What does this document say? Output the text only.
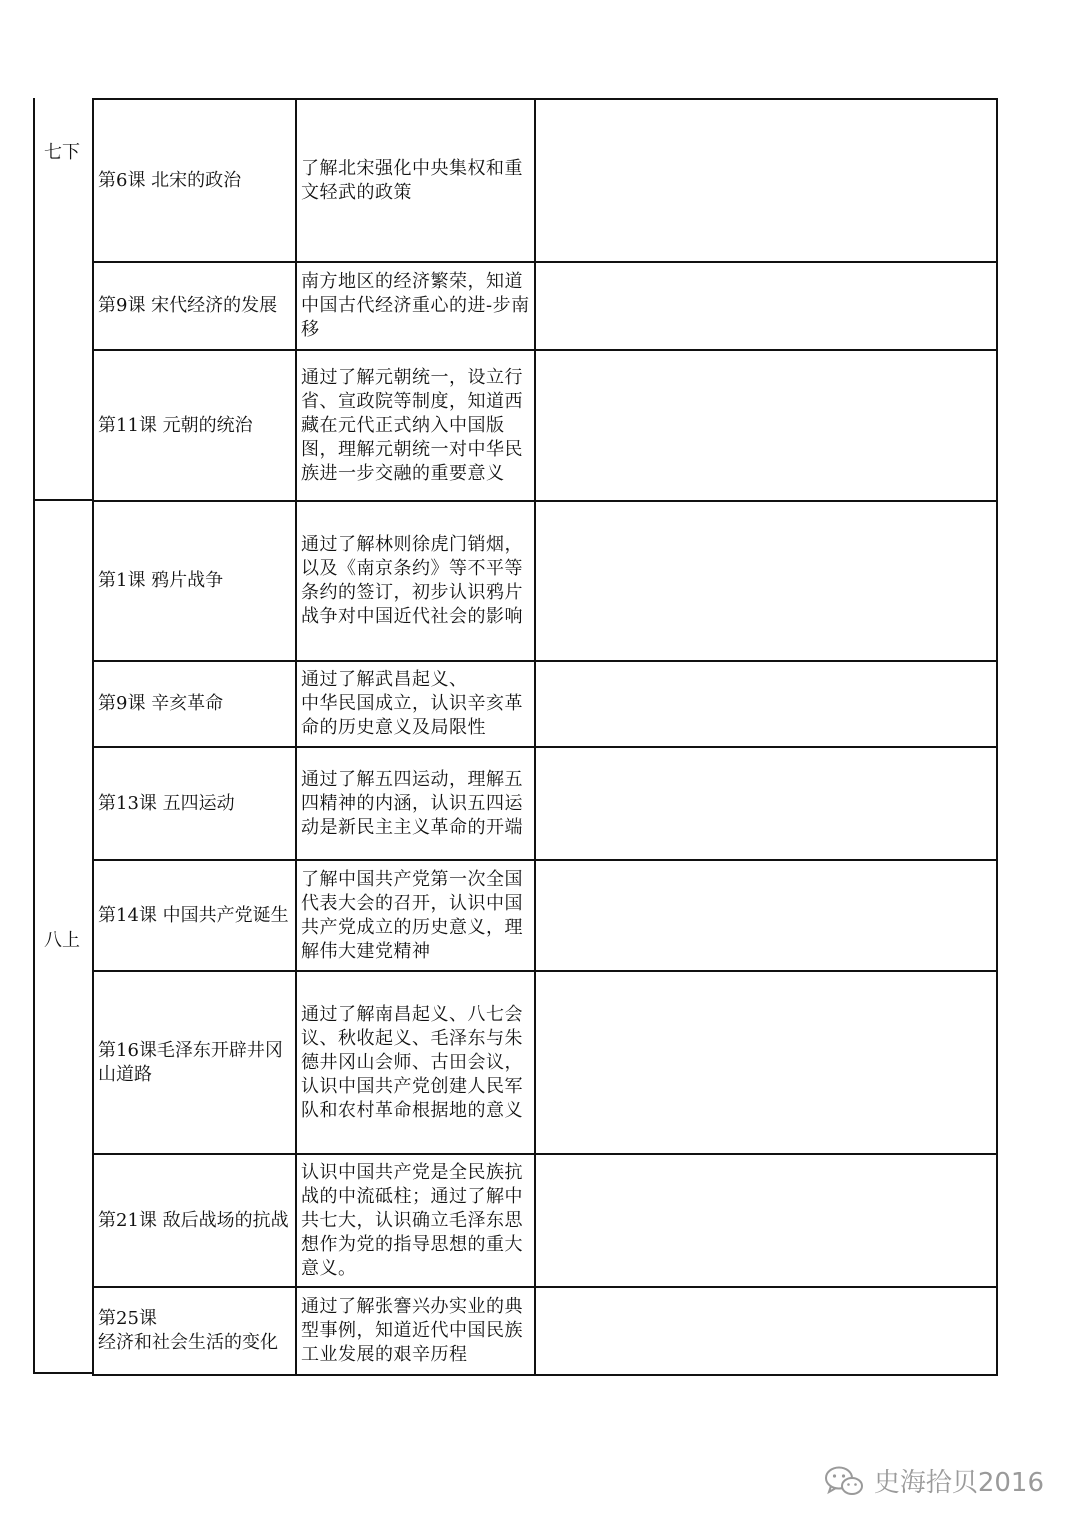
七下
八上
第6课 北宋的政治	了解北宋强化中央集权和重文轻武的政策	
第9课 宋代经济的发展	南方地区的经济繁荣，知道中国古代经济重心的进-步南移	
第11课 元朝的统治	通过了解元朝统一，设立行省、宣政院等制度，知道西藏在元代正式纳入中国版图，理解元朝统一对中华民族进一步交融的重要意义	
第1课 鸦片战争	通过了解林则徐虎门销烟，
以及《南京条约》等不平等条约的签订，初步认识鸦片战争对中国近代社会的影响	
第9课 辛亥革命	通过了解武昌起义、
中华民国成立，认识辛亥革命的历史意义及局限性	
第13课 五四运动	通过了解五四运动，理解五四精神的内涵，认识五四运动是新民主主义革命的开端	
第14课 中国共产党诞生	了解中国共产党第一次全国代表大会的召开，认识中国共产党成立的历史意义，理解伟大建党精神	
第16课毛泽东开辟井冈山道路	通过了解南昌起义、八七会议、秋收起义、毛泽东与朱德井冈山会师、古田会议，
认识中国共产党创建人民军队和农村革命根据地的意义	
第21课 敌后战场的抗战	认识中国共产党是全民族抗战的中流砥柱；通过了解中共七大，认识确立毛泽东思想作为党的指导思想的重大意义。	
第25课
经济和社会生活的变化	通过了解张謇兴办实业的典型事例，知道近代中国民族工业发展的艰辛历程	
史海拾贝2016
